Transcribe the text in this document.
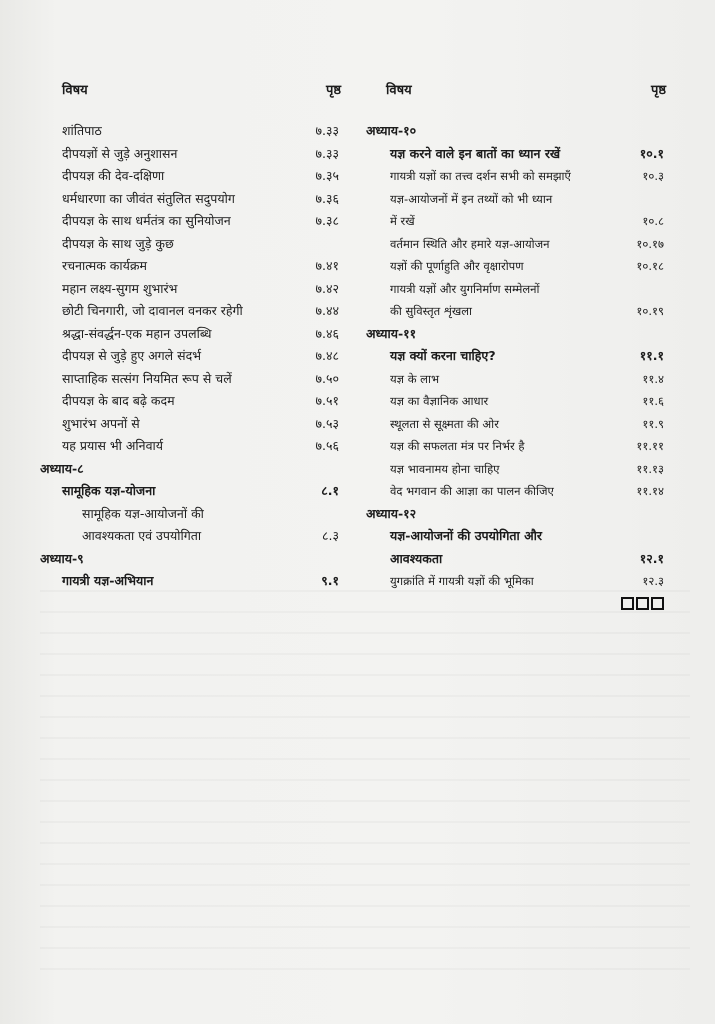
विषय	पृष्ठ
शांतिपाठ	७.३३
दीपयज्ञों से जुड़े अनुशासन	७.३३
दीपयज्ञ की देव-दक्षिणा	७.३५
धर्मधारणा का जीवंत संतुलित सदुपयोग	७.३६
दीपयज्ञ के साथ धर्मतंत्र का सुनियोजन	७.३८
दीपयज्ञ के साथ जुड़े कुछ
रचनात्मक कार्यक्रम	७.४१
महान लक्ष्य-सुगम शुभारंभ	७.४२
छोटी चिनगारी, जो दावानल वनकर रहेगी	७.४४
श्रद्धा-संवर्द्धन-एक महान उपलब्धि	७.४६
दीपयज्ञ से जुड़े हुए अगले संदर्भ	७.४८
साप्ताहिक सत्संग नियमित रूप से चलें	७.५०
दीपयज्ञ के बाद बढ़े कदम	७.५१
शुभारंभ अपनों से	७.५३
यह प्रयास भी अनिवार्य	७.५६
अध्याय-८
सामूहिक यज्ञ-योजना	८.१
सामूहिक यज्ञ-आयोजनों की
आवश्यकता एवं उपयोगिता	८.३
अध्याय-९
गायत्री यज्ञ-अभियान	९.१
विषय	पृष्ठ
अध्याय-१०
यज्ञ करने वाले इन बातों का ध्यान रखें	१०.१
गायत्री यज्ञों का तत्त्व दर्शन सभी को समझाएँ	१०.३
यज्ञ-आयोजनों में इन तथ्यों को भी ध्यान
में रखें	१०.८
वर्तमान स्थिति और हमारे यज्ञ-आयोजन	१०.१७
यज्ञों की पूर्णाहुति और वृक्षारोपण	१०.१८
गायत्री यज्ञों और युगनिर्माण सम्मेलनों
की सुविस्तृत शृंखला	१०.१९
अध्याय-११
यज्ञ क्यों करना चाहिए?	११.१
यज्ञ के लाभ	११.४
यज्ञ का वैज्ञानिक आधार	११.६
स्थूलता से सूक्ष्मता की ओर	११.९
यज्ञ की सफलता मंत्र पर निर्भर है	११.११
यज्ञ भावनामय होना चाहिए	११.१३
वेद भगवान की आज्ञा का पालन कीजिए	११.१४
अध्याय-१२
यज्ञ-आयोजनों की उपयोगिता और
आवश्यकता	१२.१
युगक्रांति में गायत्री यज्ञों की भूमिका	१२.३
